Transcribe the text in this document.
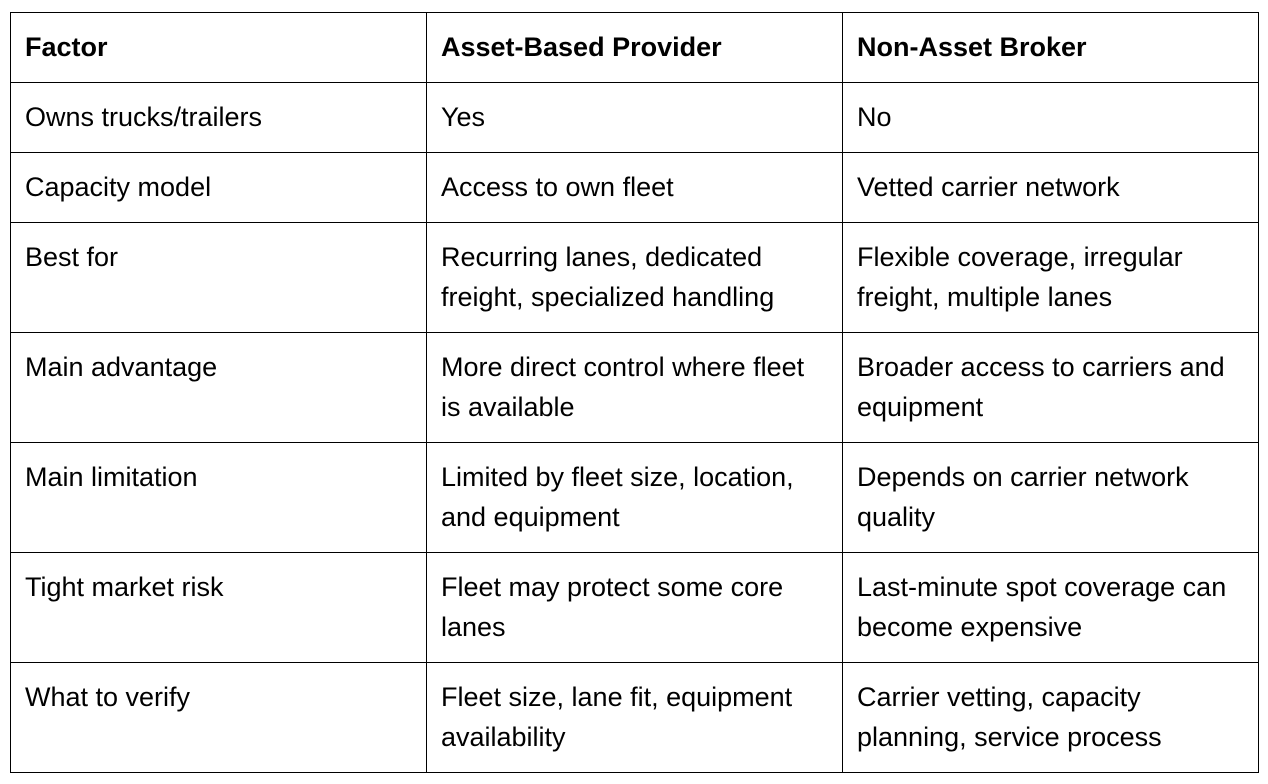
Factor	Asset-Based Provider	Non-Asset Broker
Owns trucks/trailers	Yes	No
Capacity model	Access to own fleet	Vetted carrier network
Best for	Recurring lanes, dedicated freight, specialized handling	Flexible coverage, irregular freight, multiple lanes
Main advantage	More direct control where fleet is available	Broader access to carriers and equipment
Main limitation	Limited by fleet size, location, and equipment	Depends on carrier network quality
Tight market risk	Fleet may protect some core lanes	Last-minute spot coverage can become expensive
What to verify	Fleet size, lane fit, equipment availability	Carrier vetting, capacity planning, service process
